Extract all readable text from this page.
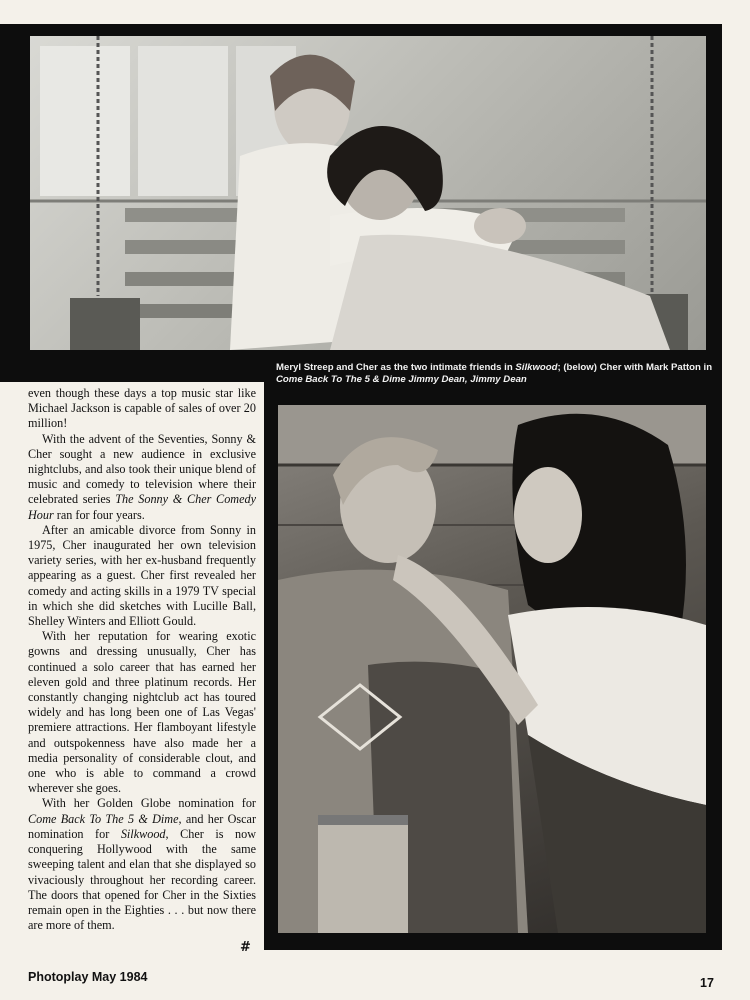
Meryl Streep and Cher as the two intimate friends in Silkwood; (below) Cher with Mark Patton in Come Back To The 5 & Dime Jimmy Dean, Jimmy Dean

even though these days a top music star like Michael Jackson is capable of sales of over 20 million!

With the advent of the Seventies, Sonny & Cher sought a new audience in exclusive nightclubs, and also took their unique blend of music and comedy to television where their celebrated series The Sonny & Cher Comedy Hour ran for four years.

After an amicable divorce from Sonny in 1975, Cher inaugurated her own television variety series, with her ex-husband frequently appearing as a guest. Cher first revealed her comedy and acting skills in a 1979 TV special in which she did sketches with Lucille Ball, Shelley Winters and Elliott Gould.

With her reputation for wearing exotic gowns and dressing unusually, Cher has continued a solo career that has earned her eleven gold and three platinum records. Her constantly changing nightclub act has toured widely and has long been one of Las Vegas' premiere attractions. Her flamboyant lifestyle and outspokenness have also made her a media personality of considerable clout, and one who is able to command a crowd wherever she goes.

With her Golden Globe nomination for Come Back To The 5 & Dime, and her Oscar nomination for Silkwood, Cher is now conquering Hollywood with the same sweeping talent and elan that she displayed so vivaciously throughout her recording career. The doors that opened for Cher in the Sixties remain open in the Eighties . . . but now there are more of them.

#
Photoplay May 1984	17
